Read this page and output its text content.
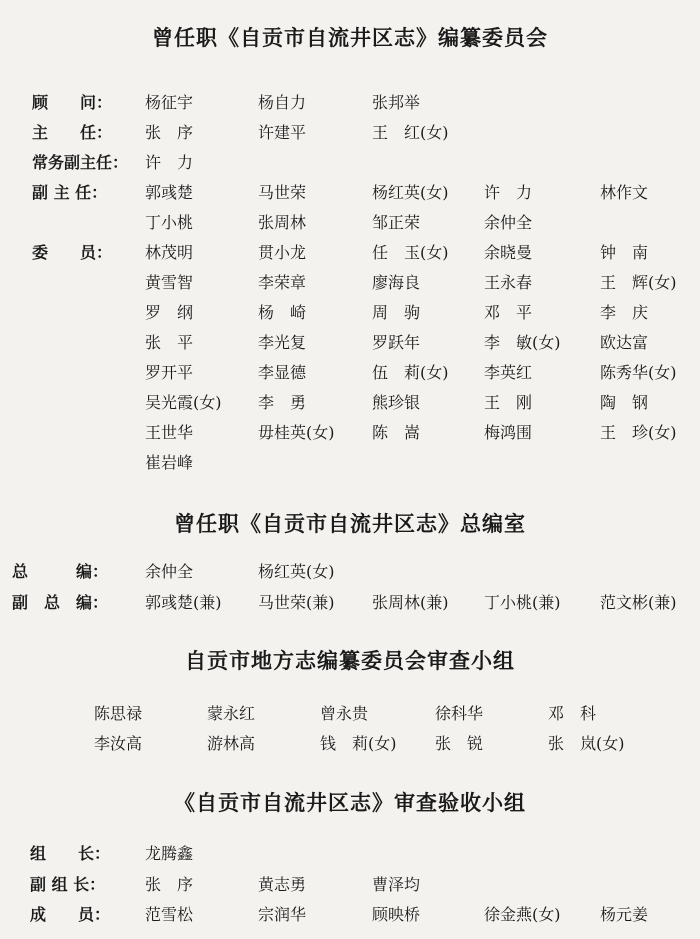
曾任职《自贡市自流井区志》编纂委员会
顾　　问： 杨征宇	杨自力	张邦举
主　　任： 张　序	许建平	王　红(女)
常务副主任： 许　力
副 主 任： 郭彧楚	马世荣	杨红英(女) 许　力	林作文
丁小桃	张周林	邹正荣	余仲全
委　　员： 林茂明	贯小龙	任　玉(女) 余晓曼	钟　南
黄雪智	李荣章	廖海良	王永春	王　辉(女)
罗　纲	杨　崎	周　驹	邓　平	李　庆
张　平	李光复	罗跃年	李　敏(女) 欧达富
罗开平	李显德	伍　莉(女) 李英红	陈秀华(女)
吴光霞(女) 李　勇	熊珍银	王　刚	陶　钢
王世华	毋桂英(女) 陈　嵩	梅鸿围	王　珍(女)
崔岩峰
曾任职《自贡市自流井区志》总编室
总　　　编： 余仲全	杨红英(女)
副　总　编： 郭彧楚(兼) 马世荣(兼) 张周林(兼) 丁小桃(兼) 范文彬(兼)
自贡市地方志编纂委员会审查小组
陈思禄	蒙永红	曾永贵	徐科华	邓　科
李汝高	游林高	钱　莉(女) 张　锐	张　岚(女)
《自贡市自流井区志》审查验收小组
组　　长： 龙腾鑫
副 组 长： 张　序	黄志勇	曹泽均
成　　员： 范雪松	宗润华	顾映桥	徐金燕(女) 杨元姜
